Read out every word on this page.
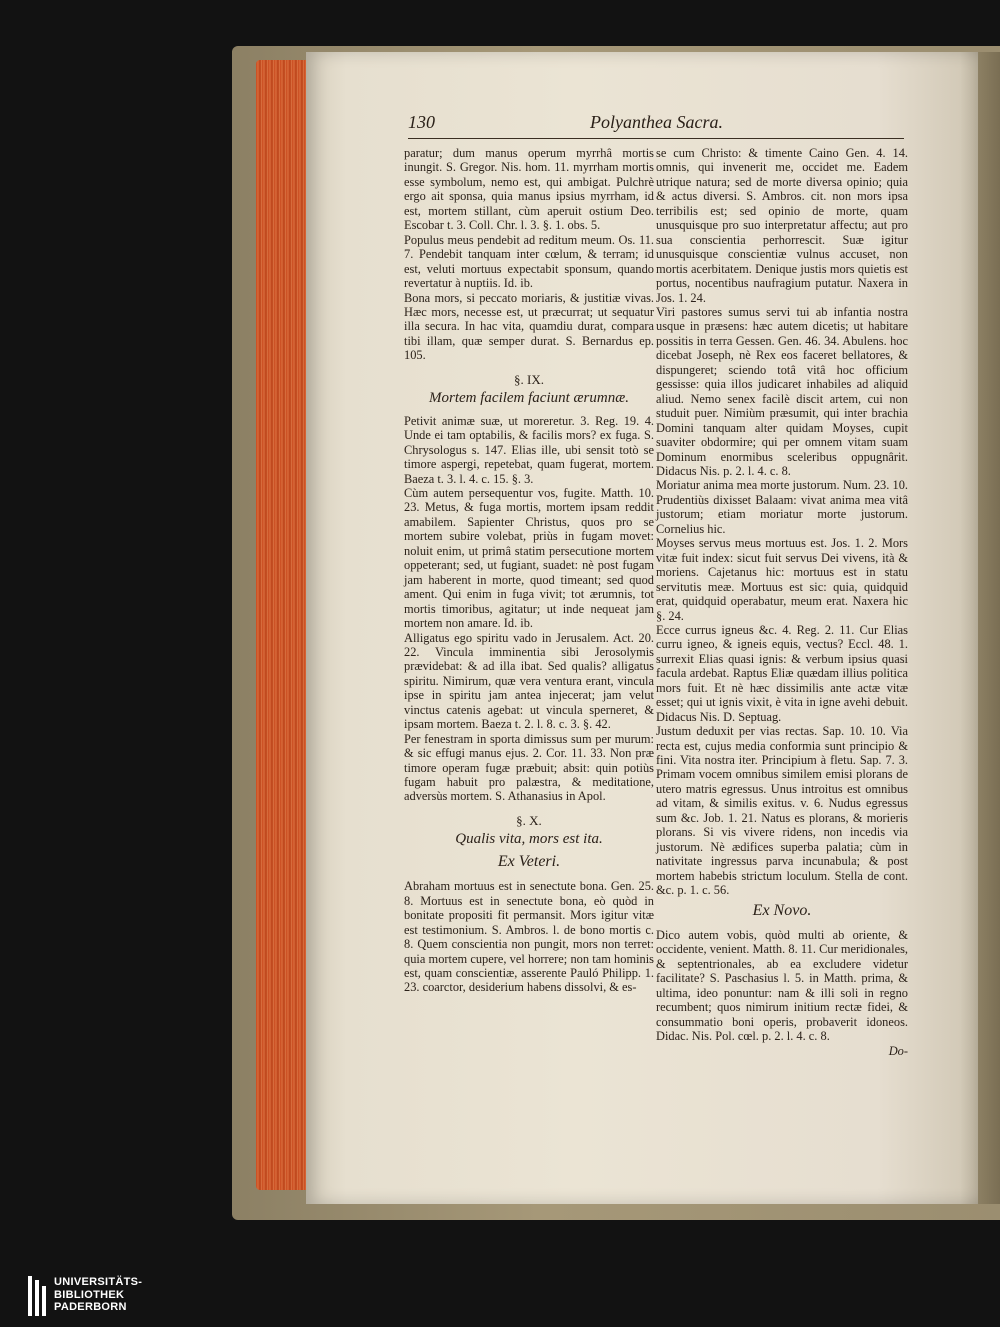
130	Polyanthea Sacra.

paratur; dum manus operum myrrhâ mortis inungit. S. Gregor. Nis. hom. 11. myrrham mortis esse symbolum, nemo est, qui ambigat. Pulchrè ergo ait sponsa, quia manus ipsius myrrham, id est, mortem stillant, cùm aperuit ostium Deo. Escobar t. 3. Coll. Chr. l. 3. §. 1. obs. 5.

Populus meus pendebit ad reditum meum. Os. 11. 7. Pendebit tanquam inter cœlum, & terram; id est, veluti mortuus expectabit sponsum, quando revertatur à nuptiis. Id. ib.

Bona mors, si peccato moriaris, & justitiæ vivas. Hæc mors, necesse est, ut præcurrat; ut sequatur illa secura. In hac vita, quamdiu durat, compara tibi illam, quæ semper durat. S. Bernardus ep. 105.

§. IX.
Mortem facilem faciunt ærumnæ.

Petivit animæ suæ, ut moreretur. 3. Reg. 19. 4. Unde ei tam optabilis, & facilis mors? ex fuga. S. Chrysologus s. 147. Elias ille, ubi sensit totò se timore aspergi, repetebat, quam fugerat, mortem. Baeza t. 3. l. 4. c. 15. §. 3.

Cùm autem persequentur vos, fugite. Matth. 10. 23. Metus, & fuga mortis, mortem ipsam reddit amabilem. Sapienter Christus, quos pro se mortem subire volebat, priùs in fugam movet: noluit enim, ut primâ statim persecutione mortem oppeterant; sed, ut fugiant, suadet: nè post fugam jam haberent in morte, quod timeant; sed quod ament. Qui enim in fuga vivit; tot ærumnis, tot mortis timoribus, agitatur; ut inde nequeat jam mortem non amare. Id. ib.

Alligatus ego spiritu vado in Jerusalem. Act. 20. 22. Vincula imminentia sibi Jerosolymis prævidebat: & ad illa ibat. Sed qualis? alligatus spiritu. Nimirum, quæ vera ventura erant, vincula ipse in spiritu jam antea injecerat; jam velut vinctus catenis agebat: ut vincula sperneret, & ipsam mortem. Baeza t. 2. l. 8. c. 3. §. 42.

Per fenestram in sporta dimissus sum per murum: & sic effugi manus ejus. 2. Cor. 11. 33. Non præ timore operam fugæ præbuit; absit: quin potiùs fugam habuit pro palæstra, & meditatione, adversùs mortem. S. Athanasius in Apol.

§. X.
Qualis vita, mors est ita.
Ex Veteri.

Abraham mortuus est in senectute bona. Gen. 25. 8. Mortuus est in senectute bona, eò quòd in bonitate propositi fit permansit. Mors igitur vitæ est testimonium. S. Ambros. l. de bono mortis c. 8. Quem conscientia non pungit, mors non terret: quia mortem cupere, vel horrere; non tam hominis est, quam conscientiæ, asserente Pauló Philipp. 1. 23. coarctor, desiderium habens dissolvi, & es-

se cum Christo: & timente Caino Gen. 4. 14. omnis, qui invenerit me, occidet me. Eadem utrique natura; sed de morte diversa opinio; quia & actus diversi. S. Ambros. cit. non mors ipsa terribilis est; sed opinio de morte, quam unusquisque pro suo interpretatur affectu; aut pro sua conscientia perhorrescit. Suæ igitur unusquisque conscientiæ vulnus accuset, non mortis acerbitatem. Denique justis mors quietis est portus, nocentibus naufragium putatur. Naxera in Jos. 1. 24.

Viri pastores sumus servi tui ab infantia nostra usque in præsens: hæc autem dicetis; ut habitare possitis in terra Gessen. Gen. 46. 34. Abulens. hoc dicebat Joseph, nè Rex eos faceret bellatores, & dispungeret; sciendo totâ vitâ hoc officium gessisse: quia illos judicaret inhabiles ad aliquid aliud. Nemo senex facilè discit artem, cui non studuit puer. Nimiùm præsumit, qui inter brachia Domini tanquam alter quidam Moyses, cupit suaviter obdormire; qui per omnem vitam suam Dominum enormibus sceleribus oppugnârit. Didacus Nis. p. 2. l. 4. c. 8.

Moriatur anima mea morte justorum. Num. 23. 10. Prudentiùs dixisset Balaam: vivat anima mea vitâ justorum; etiam moriatur morte justorum. Cornelius hic.

Moyses servus meus mortuus est. Jos. 1. 2. Mors vitæ fuit index: sicut fuit servus Dei vivens, ità & moriens. Cajetanus hic: mortuus est in statu servitutis meæ. Mortuus est sic: quia, quidquid erat, quidquid operabatur, meum erat. Naxera hic §. 24.

Ecce currus igneus &c. 4. Reg. 2. 11. Cur Elias curru igneo, & igneis equis, vectus? Eccl. 48. 1. surrexit Elias quasi ignis: & verbum ipsius quasi facula ardebat. Raptus Eliæ quædam illius politica mors fuit. Et nè hæc dissimilis ante actæ vitæ esset; qui ut ignis vixit, è vita in igne avehi debuit. Didacus Nis. D. Septuag.

Justum deduxit per vias rectas. Sap. 10. 10. Via recta est, cujus media conformia sunt principio & fini. Vita nostra iter. Principium à fletu. Sap. 7. 3. Primam vocem omnibus similem emisi plorans de utero matris egressus. Unus introitus est omnibus ad vitam, & similis exitus. v. 6. Nudus egressus sum &c. Job. 1. 21. Natus es plorans, & morieris plorans. Si vis vivere ridens, non incedis via justorum. Nè ædifices superba palatia; cùm in nativitate ingressus parva incunabula; & post mortem habebis strictum loculum. Stella de cont. &c. p. 1. c. 56.

Ex Novo.

Dico autem vobis, quòd multi ab oriente, & occidente, venient. Matth. 8. 11. Cur meridionales, & septentrionales, ab ea excludere videtur facilitate? S. Paschasius l. 5. in Matth. prima, & ultima, ideo ponuntur: nam & illi soli in regno recumbent; quos nimirum initium rectæ fidei, & consummatio boni operis, probaverit idoneos. Didac. Nis. Pol. cœl. p. 2. l. 4. c. 8.

Do-
UNIVERSITÄTS-
BIBLIOTHEK
PADERBORN
